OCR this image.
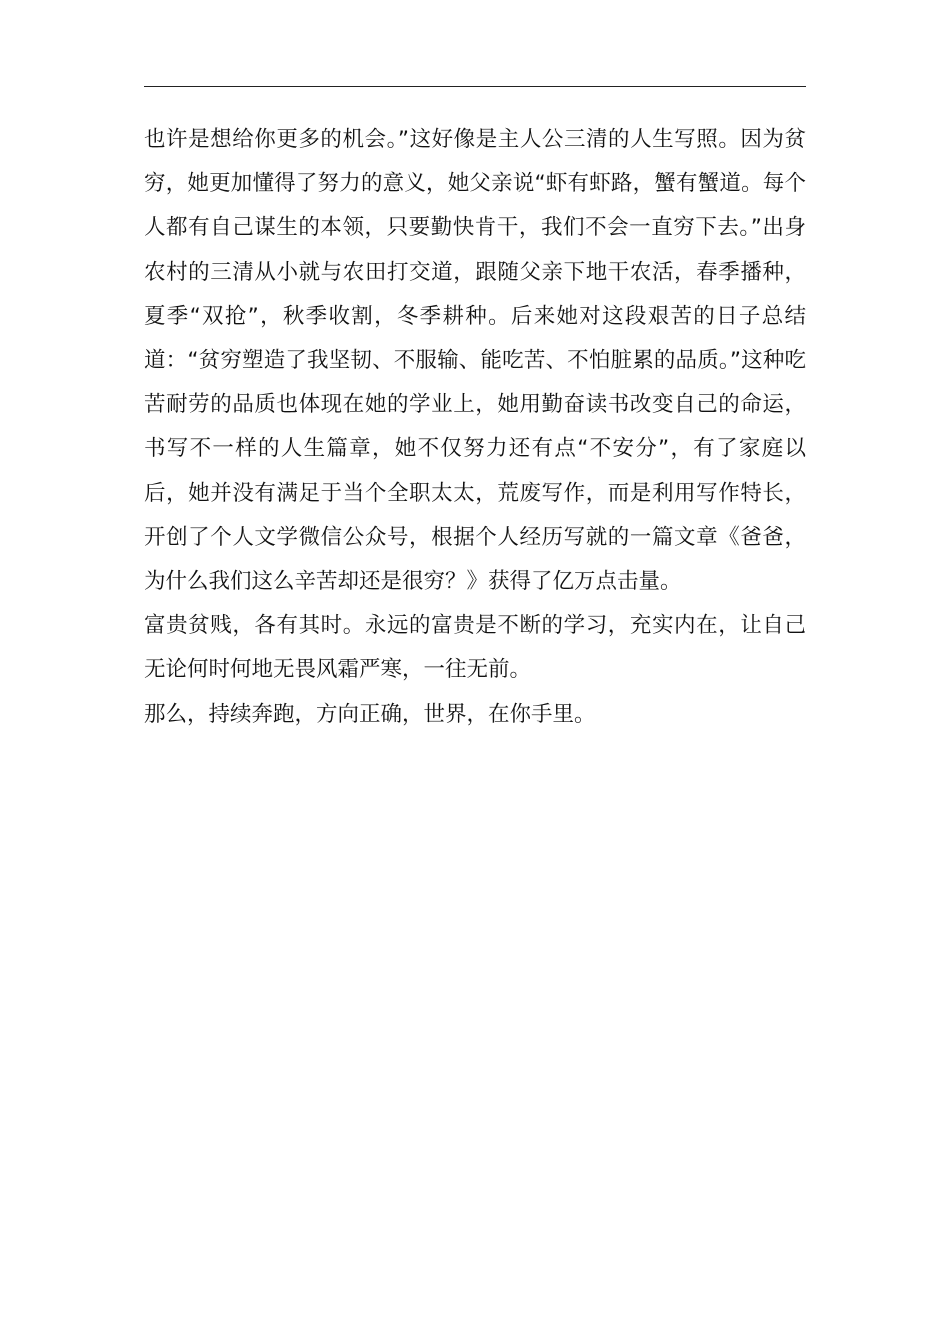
也许是想给你更多的机会。”这好像是主人公三清的人生写照。因为贫穷，她更加懂得了努力的意义，她父亲说“虾有虾路，蟹有蟹道。每个人都有自己谋生的本领，只要勤快肯干，我们不会一直穷下去。”出身农村的三清从小就与农田打交道，跟随父亲下地干农活，春季播种，夏季“双抢”，秋季收割，冬季耕种。后来她对这段艰苦的日子总结道：“贫穷塑造了我坚韧、不服输、能吃苦、不怕脏累的品质。”这种吃苦耐劳的品质也体现在她的学业上，她用勤奋读书改变自己的命运，书写不一样的人生篇章，她不仅努力还有点“不安分”，有了家庭以后，她并没有满足于当个全职太太，荒废写作，而是利用写作特长，开创了个人文学微信公众号，根据个人经历写就的一篇文章《爸爸，为什么我们这么辛苦却还是很穷？》获得了亿万点击量。

富贵贫贱，各有其时。永远的富贵是不断的学习，充实内在，让自己无论何时何地无畏风霜严寒，一往无前。

那么，持续奔跑，方向正确，世界，在你手里。
